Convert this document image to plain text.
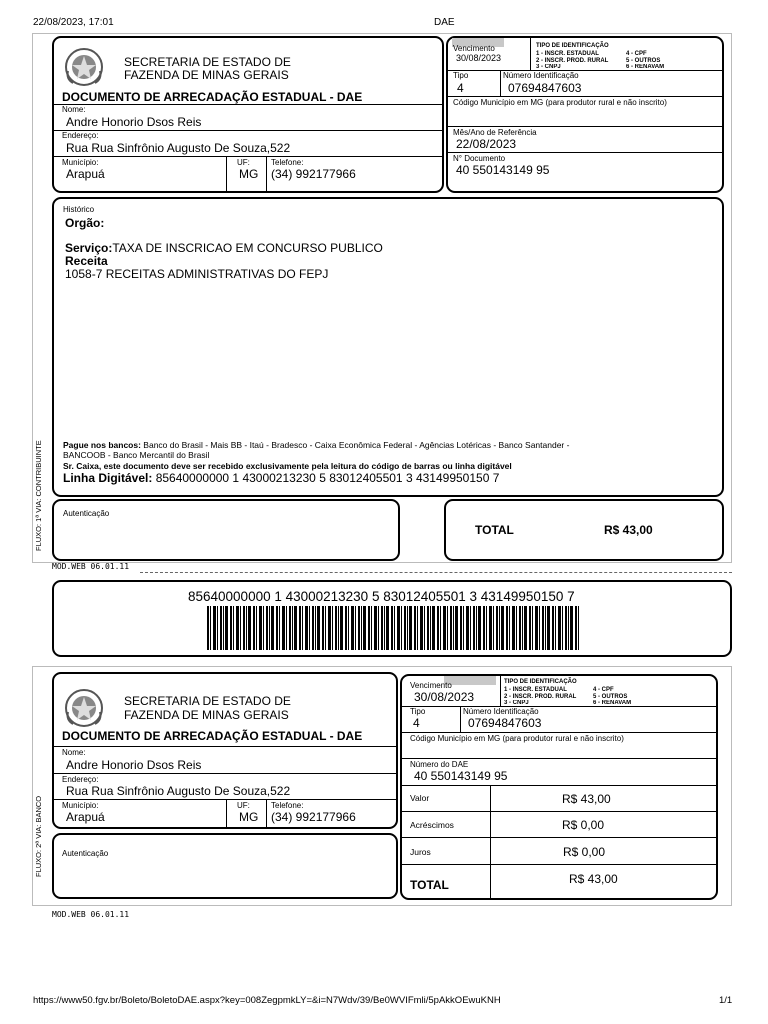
22/08/2023, 17:01	DAE
SECRETARIA DE ESTADO DE
FAZENDA DE MINAS GERAIS
DOCUMENTO DE ARRECADAÇÃO ESTADUAL - DAE
Nome:
Andre Honorio Dsos Reis
Endereço:
Rua Rua Sinfrônio Augusto De Souza,522
Município:
Arapuá
UF:
MG
Telefone:
(34) 992177966
Vencimento
30/08/2023
TIPO DE IDENTIFICAÇÃO
1 - INSCR. ESTADUAL
2 - INSCR. PROD. RURAL
3 - CNPJ
4 - CPF
5 - OUTROS
6 - RENAVAM
Tipo
4
Número Identificação
07694847603
Código Município em MG (para produtor rural e não inscrito)
Mês/Ano de Referência
22/08/2023
N° Documento
40 550143149 95
Histórico
Orgão:
Serviço:TAXA DE INSCRICAO EM CONCURSO PUBLICO
Receita
1058-7 RECEITAS ADMINISTRATIVAS DO FEPJ
Pague nos bancos: Banco do Brasil - Mais BB - Itaú - Bradesco - Caixa Econômica Federal - Agências Lotéricas - Banco Santander -
BANCOOB - Banco Mercantil do Brasil
Sr. Caixa, este documento deve ser recebido exclusivamente pela leitura do código de barras ou linha digitável
Linha Digitável: 85640000000 1 43000213230 5 83012405501 3 43149950150 7
FLUXO: 1ª VIA: CONTRIBUINTE	Autenticação
TOTAL	R$ 43,00
MOD.WEB 06.01.11
85640000000 1 43000213230 5 83012405501 3 43149950150 7
SECRETARIA DE ESTADO DE
FAZENDA DE MINAS GERAIS
DOCUMENTO DE ARRECADAÇÃO ESTADUAL - DAE
Nome:
Andre Honorio Dsos Reis
Endereço:
Rua Rua Sinfrônio Augusto De Souza,522
Município:
Arapuá
UF:
MG
Telefone:
(34) 992177966
Autenticação
FLUXO: 2ª VIA: BANCO
Vencimento
30/08/2023
TIPO DE IDENTIFICAÇÃO
1 - INSCR. ESTADUAL
2 - INSCR. PROD. RURAL
3 - CNPJ
4 - CPF
5 - OUTROS
6 - RENAVAM
Tipo
4
Número Identificação
07694847603
Código Município em MG (para produtor rural e não inscrito)
Número do DAE
40 550143149 95
Valor	R$ 43,00
Acréscimos	R$ 0,00
Juros	R$ 0,00
TOTAL	R$ 43,00
MOD.WEB 06.01.11
https://www50.fgv.br/Boleto/BoletoDAE.aspx?key=008ZegpmkLY=&i=N7Wdv/39/Be0WVIFmli/5pAkkOEwuKNH	1/1
